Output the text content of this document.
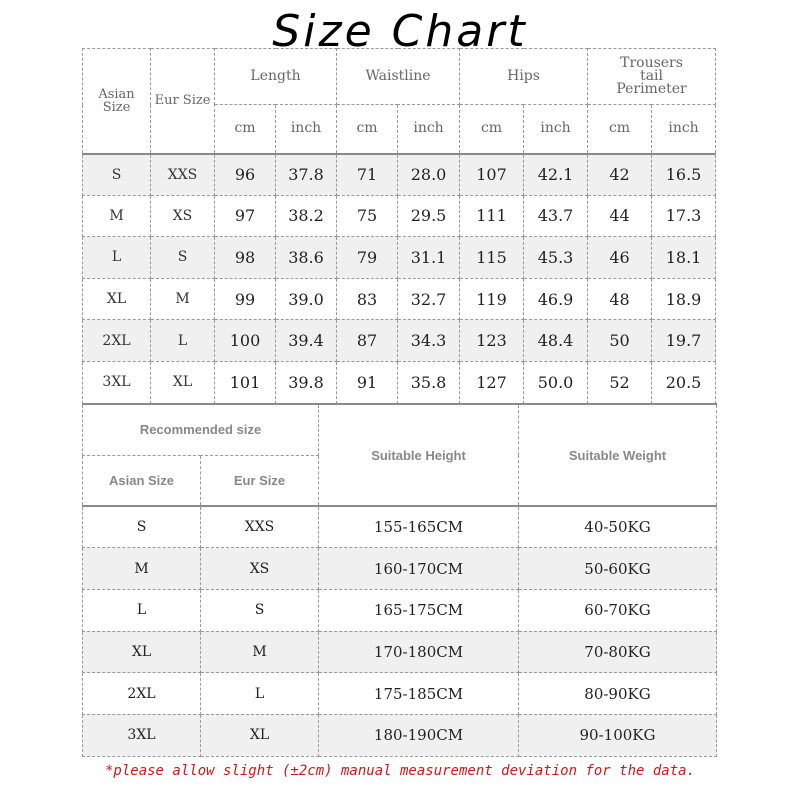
Size Chart
Asian Size	Eur Size	Length		Waistline		Hips		Trousers tail Perimeter	
		cm	inch	cm	inch	cm	inch	cm	inch
S	XXS	96	37.8	71	28.0	107	42.1	42	16.5
M	XS	97	38.2	75	29.5	111	43.7	44	17.3
L	S	98	38.6	79	31.1	115	45.3	46	18.1
XL	M	99	39.0	83	32.7	119	46.9	48	18.9
2XL	L	100	39.4	87	34.3	123	48.4	50	19.7
3XL	XL	101	39.8	91	35.8	127	50.0	52	20.5
Recommended size		Suitable Height	Suitable Weight
Asian Size	Eur Size		
S	XXS	155-165CM	40-50KG
M	XS	160-170CM	50-60KG
L	S	165-175CM	60-70KG
XL	M	170-180CM	70-80KG
2XL	L	175-185CM	80-90KG
3XL	XL	180-190CM	90-100KG
*please allow slight (±2cm) manual measurement deviation for the data.
